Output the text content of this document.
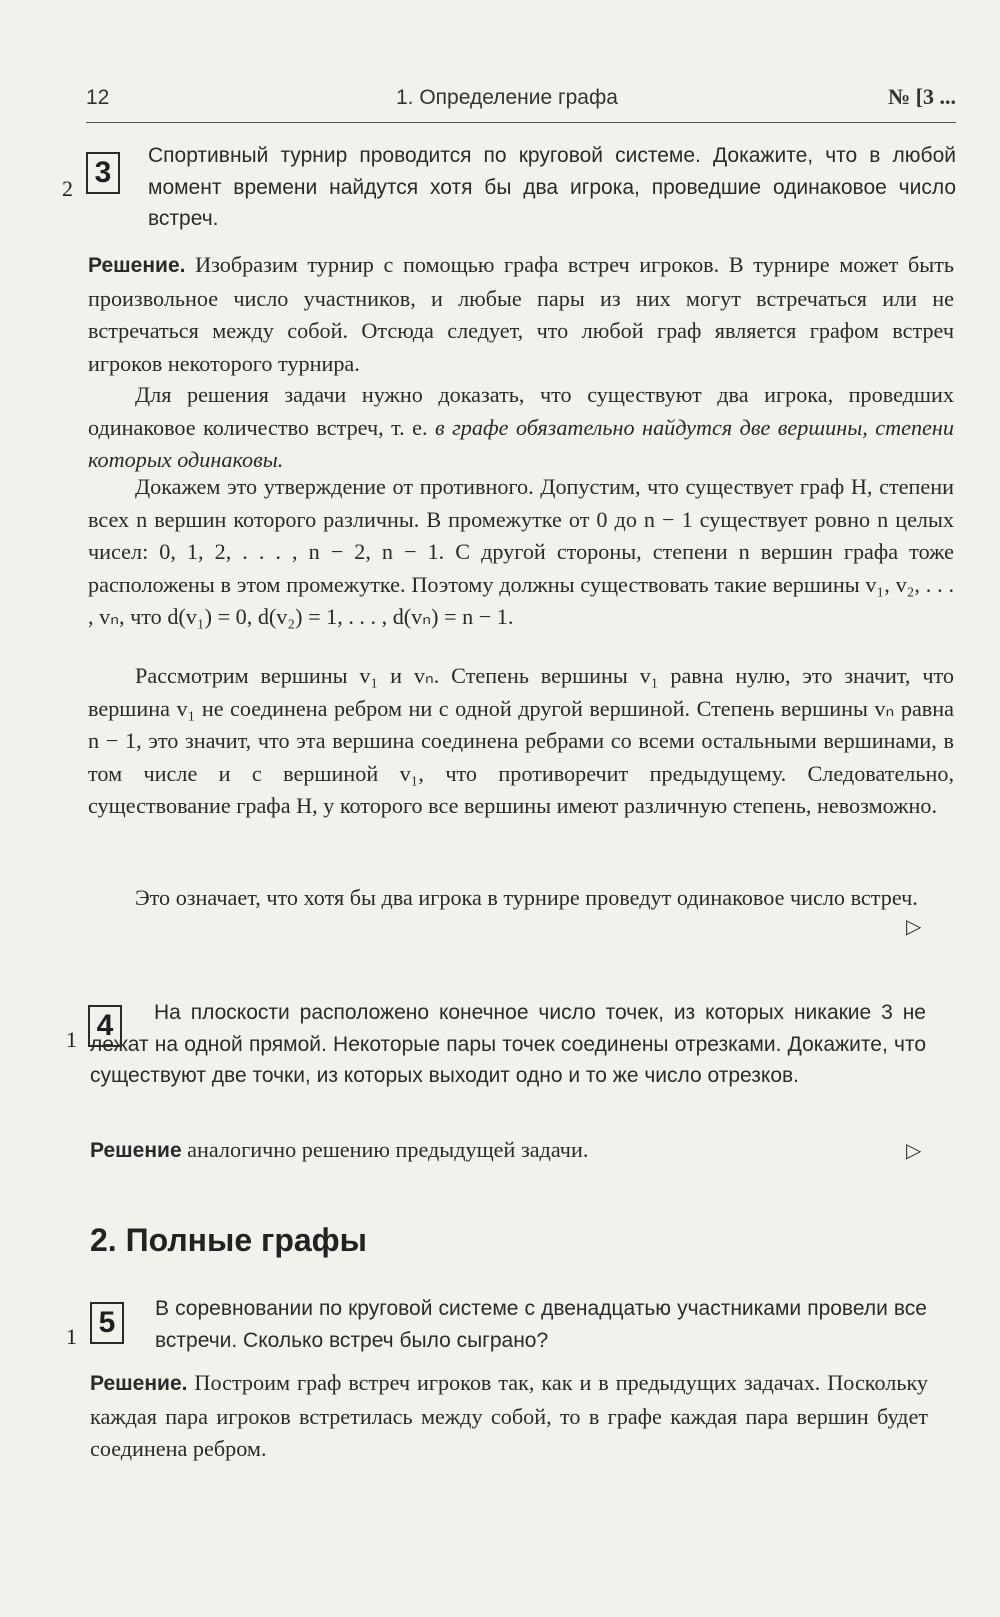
12	1. Определение графа	№ [3 ...
2 3
Спортивный турнир проводится по круговой системе. Докажите, что в любой момент времени найдутся хотя бы два игрока, проведшие одинаковое число встреч.
Решение. Изобразим турнир с помощью графа встреч игроков. В турнире может быть произвольное число участников, и любые пары из них могут встречаться или не встречаться между собой. Отсюда следует, что любой граф является графом встреч игроков некоторого турнира.
Для решения задачи нужно доказать, что существуют два игрока, проведших одинаковое количество встреч, т. е. в графе обязательно найдутся две вершины, степени которых одинаковы.
Докажем это утверждение от противного. Допустим, что существует граф H, степени всех n вершин которого различны. В промежутке от 0 до n − 1 существует ровно n целых чисел: 0, 1, 2, . . . , n − 2, n − 1. С другой стороны, степени n вершин графа тоже расположены в этом промежутке. Поэтому должны существовать такие вершины v₁, v₂, . . . , vₙ, что d(v₁) = 0, d(v₂) = 1, . . . , d(vₙ) = n − 1.
Рассмотрим вершины v₁ и vₙ. Степень вершины v₁ равна нулю, это значит, что вершина v₁ не соединена ребром ни с одной другой вершиной. Степень вершины vₙ равна n − 1, это значит, что эта вершина соединена ребрами со всеми остальными вершинами, в том числе и с вершиной v₁, что противоречит предыдущему. Следовательно, существование графа H, у которого все вершины имеют различную степень, невозможно.
Это означает, что хотя бы два игрока в турнире проведут одинаковое число встреч.
▷
1 4	На плоскости расположено конечное число точек, из которых никакие 3 не лежат на одной прямой. Некоторые пары точек соединены отрезками. Докажите, что существуют две точки, из которых выходит одно и то же число отрезков.
Решение аналогично решению предыдущей задачи.	▷
2. Полные графы
1 5	В соревновании по круговой системе с двенадцатью участниками провели все встречи. Сколько встреч было сыграно?
Решение. Построим граф встреч игроков так, как и в предыдущих задачах. Поскольку каждая пара игроков встретилась между собой, то в графе каждая пара вершин будет соединена ребром.
